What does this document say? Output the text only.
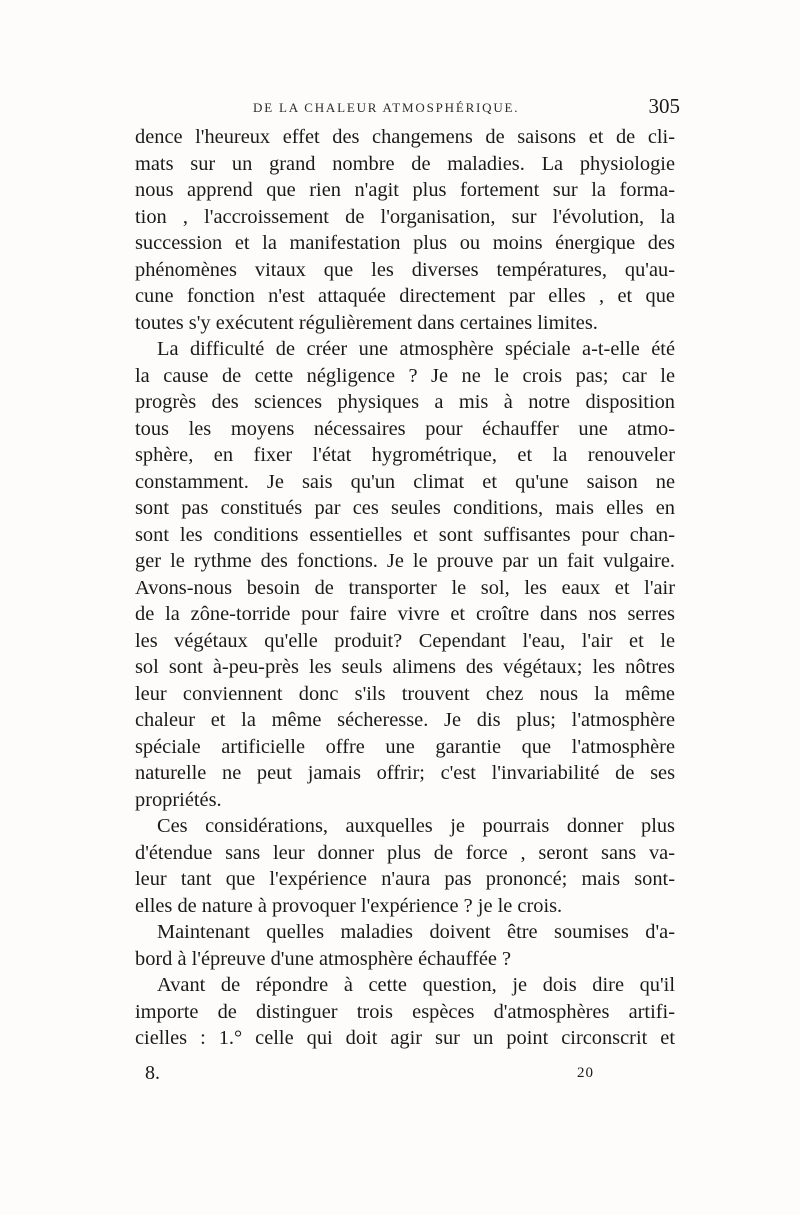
DE LA CHALEUR ATMOSPHÉRIQUE.	305

dence l'heureux effet des changemens de saisons et de cli-
mats sur un grand nombre de maladies. La physiologie
nous apprend que rien n'agit plus fortement sur la forma-
tion , l'accroissement de l'organisation, sur l'évolution, la
succession et la manifestation plus ou moins énergique des
phénomènes vitaux que les diverses températures, qu'au-
cune fonction n'est attaquée directement par elles , et que
toutes s'y exécutent régulièrement dans certaines limites.

La difficulté de créer une atmosphère spéciale a-t-elle été
la cause de cette négligence ? Je ne le crois pas; car le
progrès des sciences physiques a mis à notre disposition
tous les moyens nécessaires pour échauffer une atmo-
sphère, en fixer l'état hygrométrique, et la renouveler
constamment. Je sais qu'un climat et qu'une saison ne
sont pas constitués par ces seules conditions, mais elles en
sont les conditions essentielles et sont suffisantes pour chan-
ger le rythme des fonctions. Je le prouve par un fait vulgaire.
Avons-nous besoin de transporter le sol, les eaux et l'air
de la zône-torride pour faire vivre et croître dans nos serres
les végétaux qu'elle produit? Cependant l'eau, l'air et le
sol sont à-peu-près les seuls alimens des végétaux; les nôtres
leur conviennent donc s'ils trouvent chez nous la même
chaleur et la même sécheresse. Je dis plus; l'atmosphère
spéciale artificielle offre une garantie que l'atmosphère
naturelle ne peut jamais offrir; c'est l'invariabilité de ses
propriétés.

Ces considérations, auxquelles je pourrais donner plus
d'étendue sans leur donner plus de force , seront sans va-
leur tant que l'expérience n'aura pas prononcé; mais sont-
elles de nature à provoquer l'expérience ? je le crois.

Maintenant quelles maladies doivent être soumises d'a-
bord à l'épreuve d'une atmosphère échauffée ?

Avant de répondre à cette question, je dois dire qu'il
importe de distinguer trois espèces d'atmosphères artifi-
cielles : 1.° celle qui doit agir sur un point circonscrit et

8.	20
